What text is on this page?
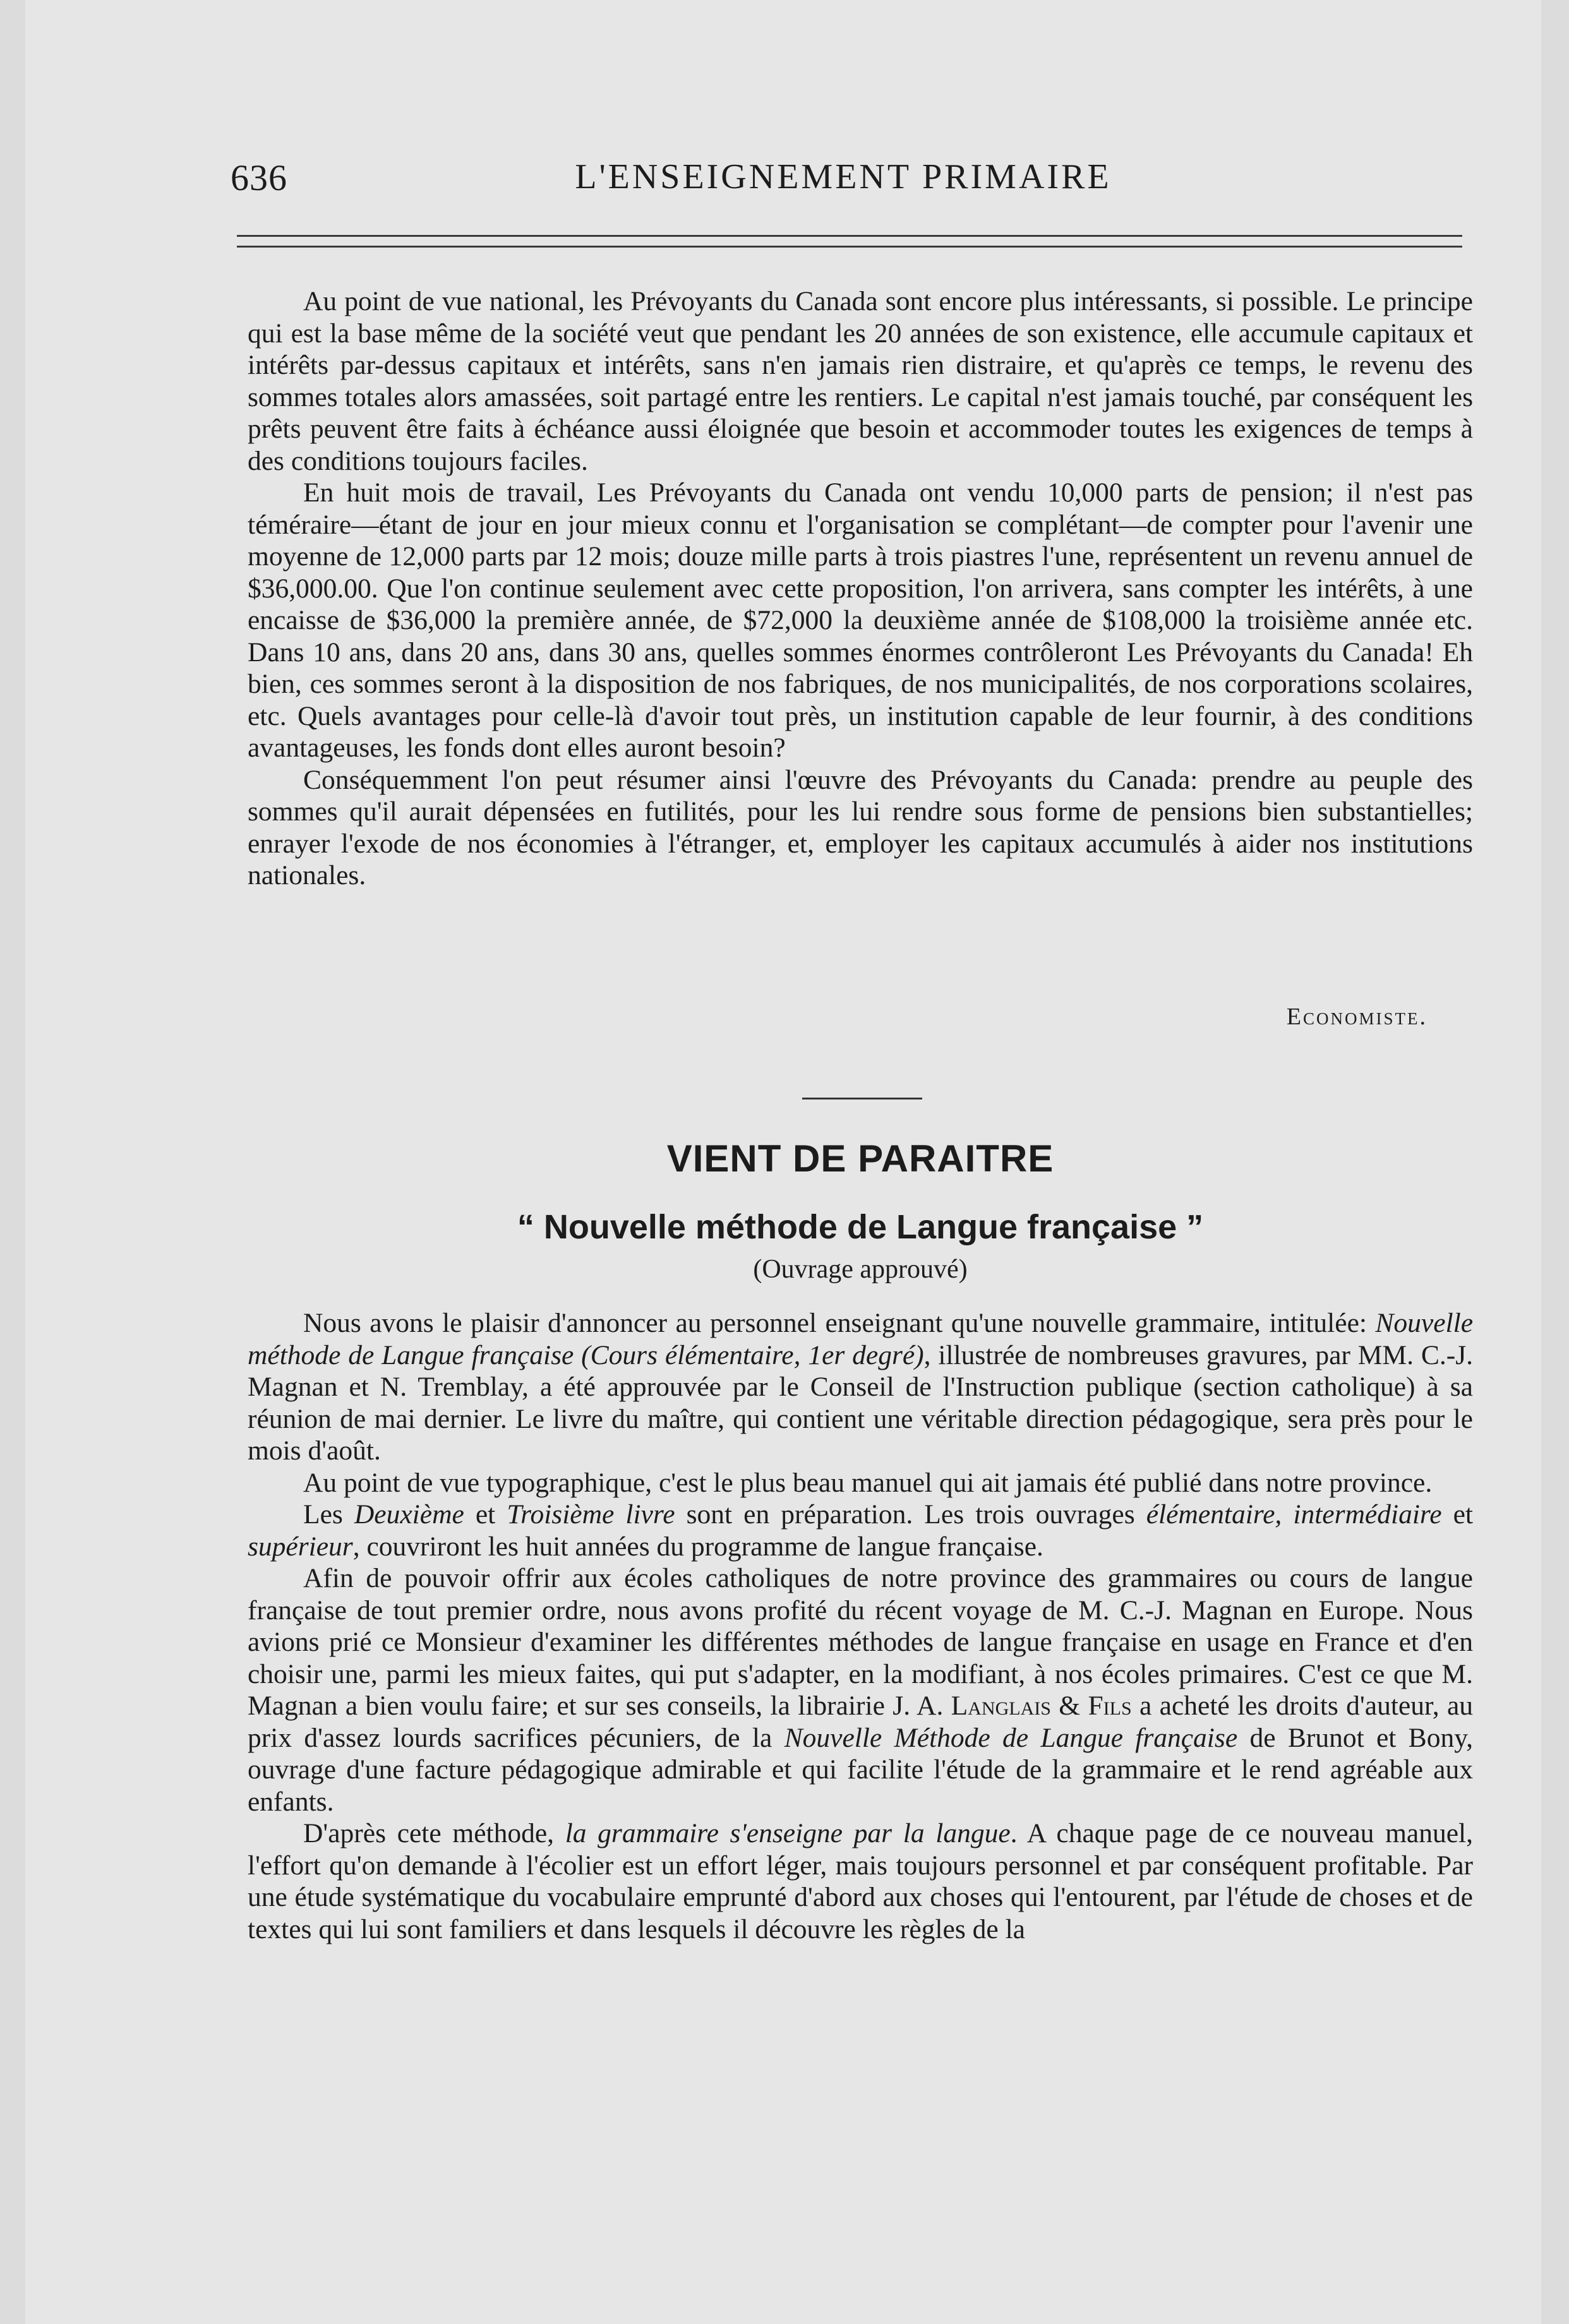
636	L'ENSEIGNEMENT PRIMAIRE

Au point de vue national, les Prévoyants du Canada sont encore plus intéressants, si possible. Le principe qui est la base même de la société veut que pendant les 20 années de son existence, elle accumule capitaux et intérêts par-dessus capitaux et intérêts, sans n'en jamais rien distraire, et qu'après ce temps, le revenu des sommes totales alors amassées, soit partagé entre les rentiers. Le capital n'est jamais touché, par conséquent les prêts peuvent être faits à échéance aussi éloignée que besoin et accommoder toutes les exigences de temps à des conditions toujours faciles.

En huit mois de travail, Les Prévoyants du Canada ont vendu 10,000 parts de pension; il n'est pas téméraire—étant de jour en jour mieux connu et l'organisation se complétant—de compter pour l'avenir une moyenne de 12,000 parts par 12 mois; douze mille parts à trois piastres l'une, représentent un revenu annuel de $36,000.00. Que l'on continue seulement avec cette proposition, l'on arrivera, sans compter les intérêts, à une encaisse de $36,000 la première année, de $72,000 la deuxième année de $108,000 la troisième année etc. Dans 10 ans, dans 20 ans, dans 30 ans, quelles sommes énormes contrôleront Les Prévoyants du Canada! Eh bien, ces sommes seront à la disposition de nos fabriques, de nos municipalités, de nos corporations scolaires, etc. Quels avantages pour celle-là d'avoir tout près, un institution capable de leur fournir, à des conditions avantageuses, les fonds dont elles auront besoin?

Conséquemment l'on peut résumer ainsi l'œuvre des Prévoyants du Canada: prendre au peuple des sommes qu'il aurait dépensées en futilités, pour les lui rendre sous forme de pensions bien substantielles; enrayer l'exode de nos économies à l'étranger, et, employer les capitaux accumulés à aider nos institutions nationales.

Economiste.
VIENT DE PARAITRE
“ Nouvelle méthode de Langue française ”
(Ouvrage approuvé)

Nous avons le plaisir d'annoncer au personnel enseignant qu'une nouvelle grammaire, intitulée: Nouvelle méthode de Langue française (Cours élémentaire, 1er degré), illustrée de nombreuses gravures, par MM. C.-J. Magnan et N. Tremblay, a été approuvée par le Conseil de l'Instruction publique (section catholique) à sa réunion de mai dernier. Le livre du maître, qui contient une véritable direction pédagogique, sera près pour le mois d'août.

Au point de vue typographique, c'est le plus beau manuel qui ait jamais été publié dans notre province.

Les Deuxième et Troisième livre sont en préparation. Les trois ouvrages élémentaire, intermédiaire et supérieur, couvriront les huit années du programme de langue française.

Afin de pouvoir offrir aux écoles catholiques de notre province des grammaires ou cours de langue française de tout premier ordre, nous avons profité du récent voyage de M. C.-J. Magnan en Europe. Nous avions prié ce Monsieur d'examiner les différentes méthodes de langue française en usage en France et d'en choisir une, parmi les mieux faites, qui put s'adapter, en la modifiant, à nos écoles primaires. C'est ce que M. Magnan a bien voulu faire; et sur ses conseils, la librairie J. A. Langlais & Fils a acheté les droits d'auteur, au prix d'assez lourds sacrifices pécuniers, de la Nouvelle Méthode de Langue française de Brunot et Bony, ouvrage d'une facture pédagogique admirable et qui facilite l'étude de la grammaire et le rend agréable aux enfants.

D'après cete méthode, la grammaire s'enseigne par la langue. A chaque page de ce nouveau manuel, l'effort qu'on demande à l'écolier est un effort léger, mais toujours personnel et par conséquent profitable. Par une étude systématique du vocabulaire emprunté d'abord aux choses qui l'entourent, par l'étude de choses et de textes qui lui sont familiers et dans lesquels il découvre les règles de la
